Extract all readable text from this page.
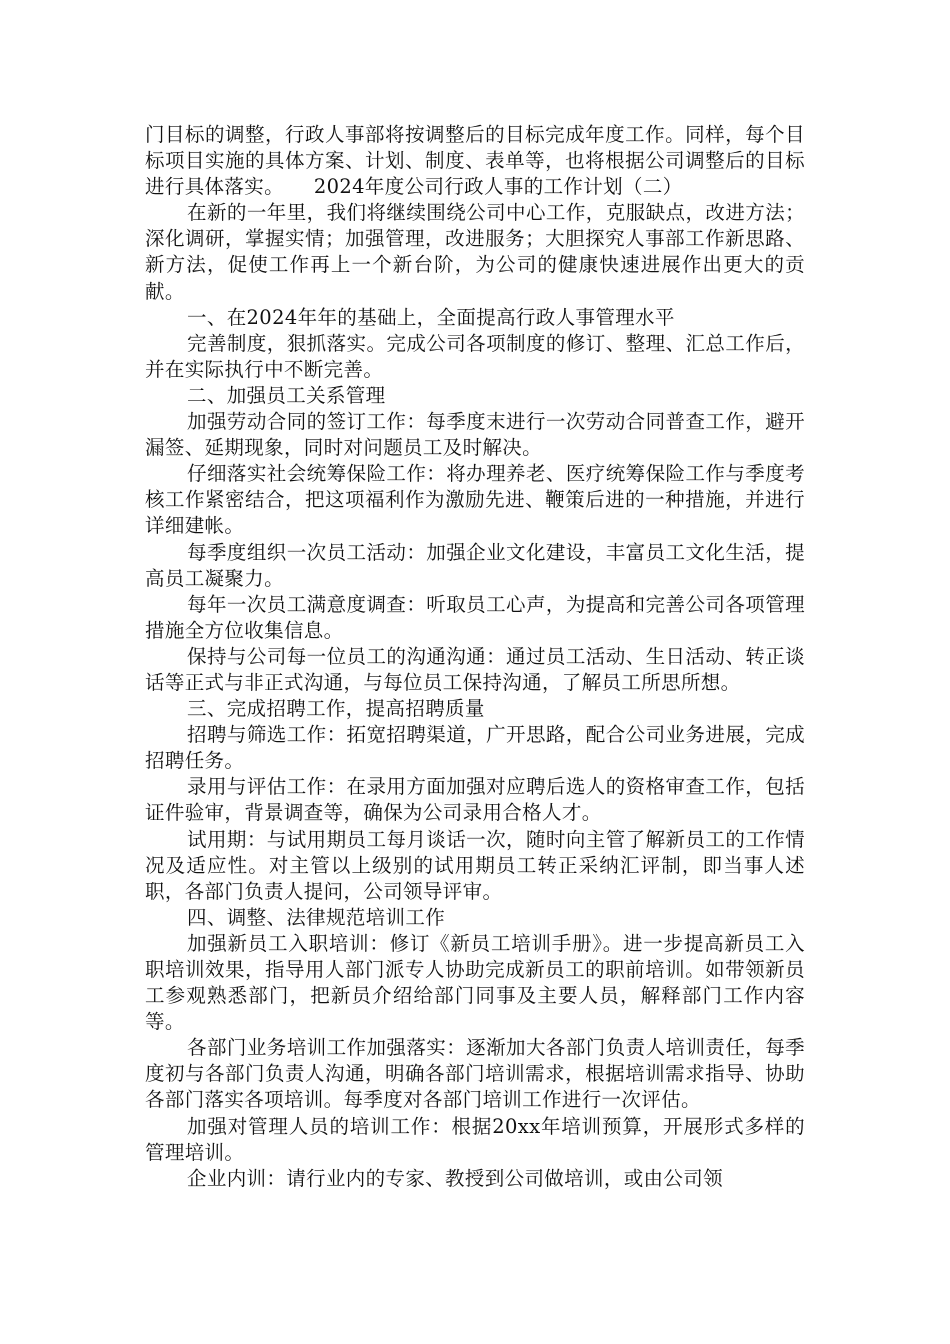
门目标的调整，行政人事部将按调整后的目标完成年度工作。同样，每个目标项目实施的具体方案、计划、制度、表单等，也将根据公司调整后的目标进行具体落实。　　2024年度公司行政人事的工作计划（二）

在新的一年里，我们将继续围绕公司中心工作，克服缺点，改进方法；深化调研，掌握实情；加强管理，改进服务；大胆探究人事部工作新思路、新方法，促使工作再上一个新台阶，为公司的健康快速进展作出更大的贡献。

一、在2024年年的基础上，全面提高行政人事管理水平

完善制度，狠抓落实。完成公司各项制度的修订、整理、汇总工作后，并在实际执行中不断完善。

二、加强员工关系管理

加强劳动合同的签订工作：每季度末进行一次劳动合同普查工作，避开漏签、延期现象，同时对问题员工及时解决。

仔细落实社会统筹保险工作：将办理养老、医疗统筹保险工作与季度考核工作紧密结合，把这项福利作为激励先进、鞭策后进的一种措施，并进行详细建帐。

每季度组织一次员工活动：加强企业文化建设，丰富员工文化生活，提高员工凝聚力。

每年一次员工满意度调查：听取员工心声，为提高和完善公司各项管理措施全方位收集信息。

保持与公司每一位员工的沟通沟通：通过员工活动、生日活动、转正谈话等正式与非正式沟通，与每位员工保持沟通，了解员工所思所想。

三、完成招聘工作，提高招聘质量

招聘与筛选工作：拓宽招聘渠道，广开思路，配合公司业务进展，完成招聘任务。

录用与评估工作：在录用方面加强对应聘后选人的资格审查工作，包括证件验审，背景调查等，确保为公司录用合格人才。

试用期：与试用期员工每月谈话一次，随时向主管了解新员工的工作情况及适应性。对主管以上级别的试用期员工转正采纳汇评制，即当事人述职，各部门负责人提问，公司领导评审。

四、调整、法律规范培训工作

加强新员工入职培训：修订《新员工培训手册》。进一步提高新员工入职培训效果，指导用人部门派专人协助完成新员工的职前培训。如带领新员工参观熟悉部门，把新员介绍给部门同事及主要人员，解释部门工作内容等。

各部门业务培训工作加强落实：逐渐加大各部门负责人培训责任，每季度初与各部门负责人沟通，明确各部门培训需求，根据培训需求指导、协助各部门落实各项培训。每季度对各部门培训工作进行一次评估。

加强对管理人员的培训工作：根据20xx年培训预算，开展形式多样的管理培训。

企业内训：请行业内的专家、教授到公司做培训，或由公司领
